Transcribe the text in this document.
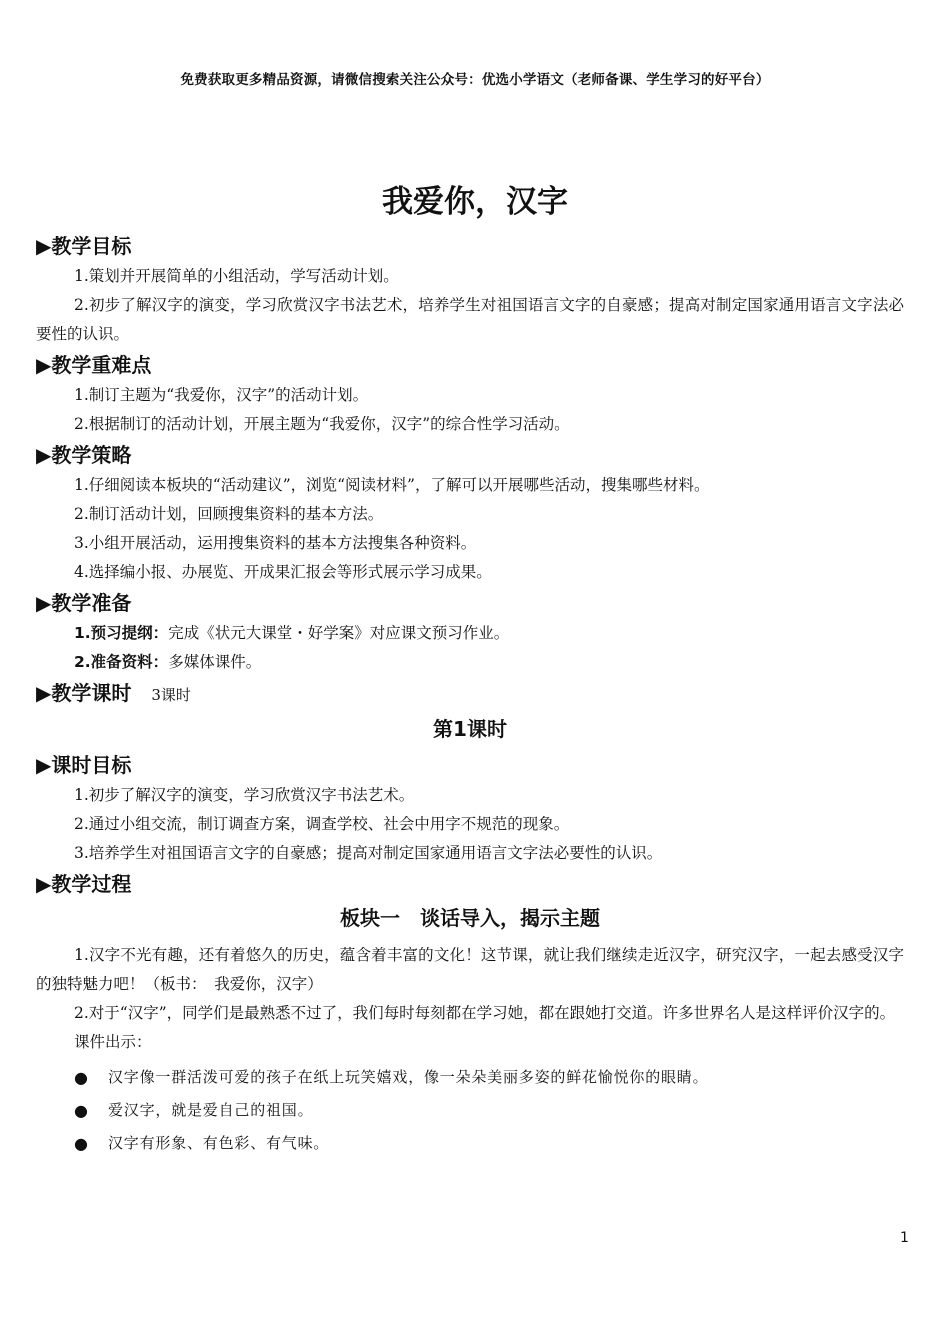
免费获取更多精品资源，请微信搜索关注公众号：优选小学语文（老师备课、学生学习的好平台）
我爱你，汉字
▶教学目标

1.策划并开展简单的小组活动，学写活动计划。

2.初步了解汉字的演变，学习欣赏汉字书法艺术，培养学生对祖国语言文字的自豪感；提高对制定国家通用语言文字法必要性的认识。

▶教学重难点

1.制订主题为“我爱你，汉字”的活动计划。

2.根据制订的活动计划，开展主题为“我爱你，汉字”的综合性学习活动。

▶教学策略

1.仔细阅读本板块的“活动建议”，浏览“阅读材料”，了解可以开展哪些活动，搜集哪些材料。

2.制订活动计划，回顾搜集资料的基本方法。

3.小组开展活动，运用搜集资料的基本方法搜集各种资料。

4.选择编小报、办展览、开成果汇报会等形式展示学习成果。

▶教学准备

1.预习提纲：完成《状元大课堂・好学案》对应课文预习作业。

2.准备资料：多媒体课件。

▶教学课时 3课时
第1课时
▶课时目标

1.初步了解汉字的演变，学习欣赏汉字书法艺术。

2.通过小组交流，制订调查方案，调查学校、社会中用字不规范的现象。

3.培养学生对祖国语言文字的自豪感；提高对制定国家通用语言文字法必要性的认识。

▶教学过程
板块一　谈话导入，揭示主题

1.汉字不光有趣，还有着悠久的历史，蕴含着丰富的文化！这节课，就让我们继续走近汉字，研究汉字，一起去感受汉字的独特魅力吧！（板书：　我爱你，汉字）

2.对于“汉字”，同学们是最熟悉不过了，我们每时每刻都在学习她，都在跟她打交道。许多世界名人是这样评价汉字的。

课件出示：

● 汉字像一群活泼可爱的孩子在纸上玩笑嬉戏，像一朵朵美丽多姿的鲜花愉悦你的眼睛。
● 爱汉字，就是爱自己的祖国。
● 汉字有形象、有色彩、有气味。
1
